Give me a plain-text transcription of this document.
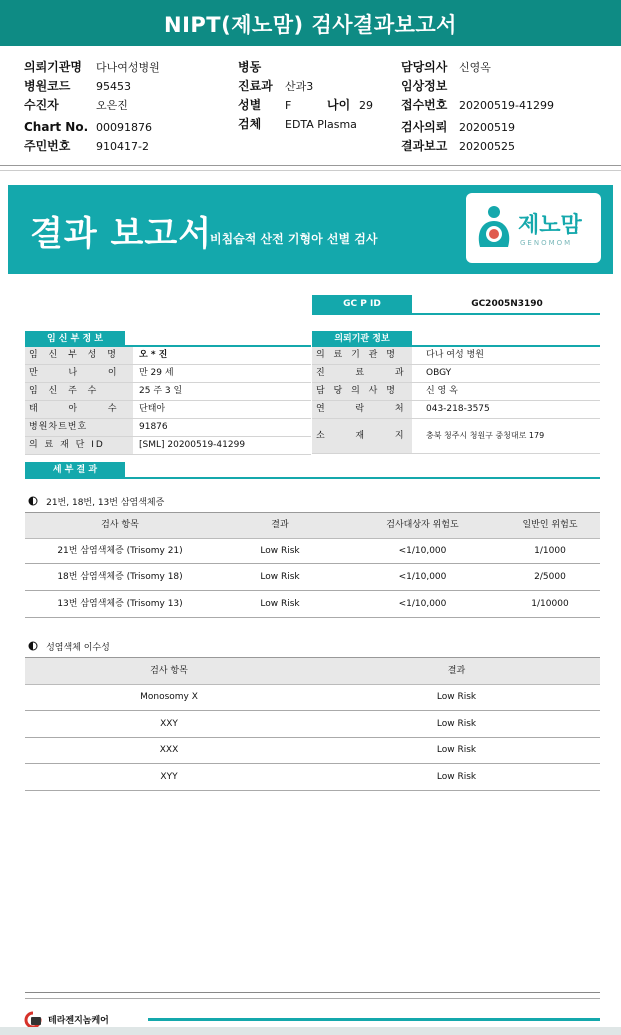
NIPT(제노맘) 검사결과보고서
의뢰기관명 다나여성병원
병원코드 95453
수진자	오은진
Chart No. 00091876
주민번호 910417-2
병동
진료과 산과3
성별 F	나이 29
검체 EDTA Plasma
담당의사 신영옥
임상정보
접수번호 20200519-41299
검사의뢰 20200519
결과보고 20200525
결과 보고서
비침습적 산전 기형아 선별 검사
제노맘
GENOMOM
GC P ID	GC2005N3190
임 신 부 정 보
임 신 부 성 명	오 * 진
만 　 나 　 이	만 29 세
임 신 주 수	25 주 3 일
태 　 아 　 수	단태아
병원차트번호	91876
의 료 재 단 ID	[SML] 20200519-41299
의뢰기관 정보
의 료 기 관 명	다나 여성 병원
진 　 료 　 과	OBGY
담 당 의 사 명	신 영 옥
연 　 락 　 처	043-218-3575
소 　 재 　 지	충북 청주시 청원구 중청대로 179
세 부 결 과
21번, 18번, 13번 삼염색체증
검사 항목	결과	검사대상자 위험도	일반인 위험도
21번 삼염색체증 (Trisomy 21)	Low Risk	<1/10,000	1/1000
18번 삼염색체증 (Trisomy 18)	Low Risk	<1/10,000	2/5000
13번 삼염색체증 (Trisomy 13)	Low Risk	<1/10,000	1/10000
성염색체 이수성
검사 항목	결과
Monosomy X	Low Risk
XXY	Low Risk
XXX	Low Risk
XYY	Low Risk
테라젠지놈케어
